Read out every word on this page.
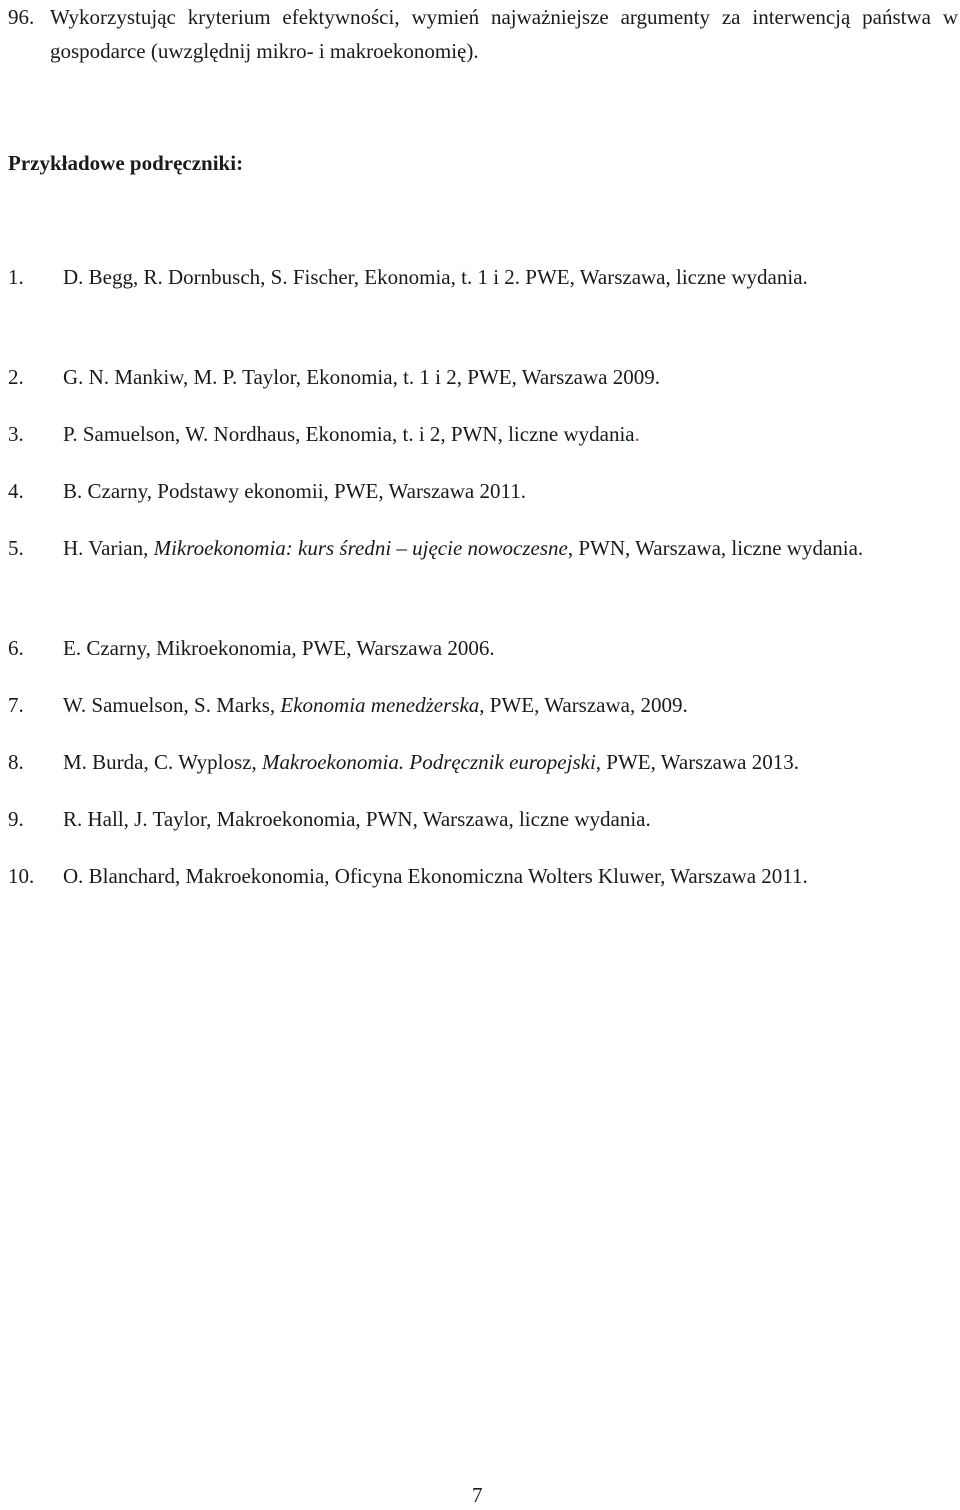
96. Wykorzystując kryterium efektywności, wymień najważniejsze argumenty za interwencją państwa w gospodarce (uwzględnij mikro- i makroekonomię).
Przykładowe podręczniki:
1.	D. Begg, R. Dornbusch, S. Fischer, Ekonomia, t. 1 i 2. PWE, Warszawa, liczne wydania.
2.	G. N. Mankiw, M. P. Taylor, Ekonomia, t. 1 i 2, PWE, Warszawa 2009.
3.	P. Samuelson, W. Nordhaus, Ekonomia, t. i 2, PWN, liczne wydania.
4.	B. Czarny, Podstawy ekonomii, PWE, Warszawa 2011.
5.	H. Varian, Mikroekonomia: kurs średni – ujęcie nowoczesne, PWN, Warszawa, liczne wydania.
6.	E. Czarny, Mikroekonomia, PWE, Warszawa 2006.
7.	W. Samuelson, S. Marks, Ekonomia menedżerska, PWE, Warszawa, 2009.
8.	M. Burda, C. Wyplosz, Makroekonomia. Podręcznik europejski, PWE, Warszawa 2013.
9.	R. Hall, J. Taylor, Makroekonomia, PWN, Warszawa, liczne wydania.
10.	O. Blanchard, Makroekonomia, Oficyna Ekonomiczna Wolters Kluwer, Warszawa 2011.
7
